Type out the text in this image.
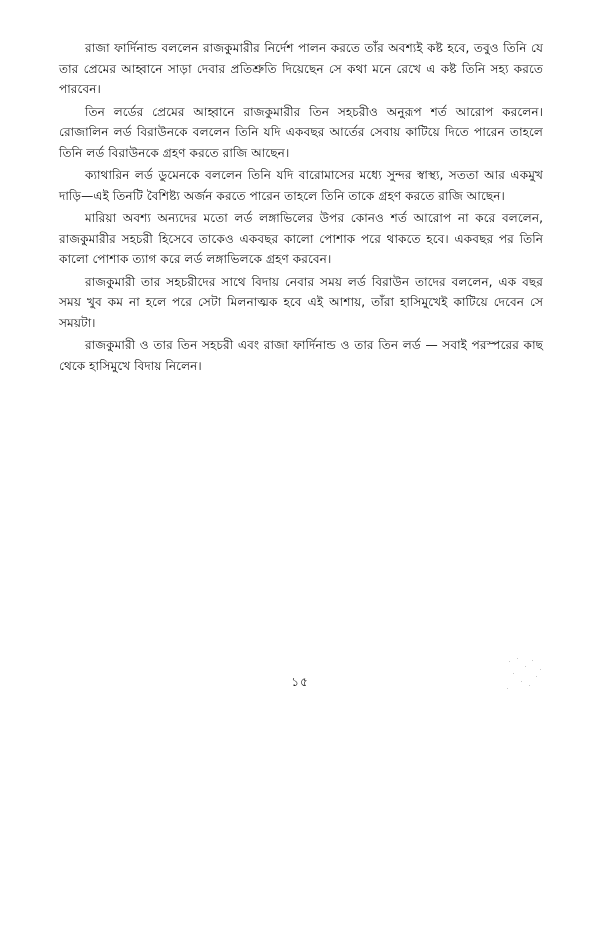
রাজা ফার্দিনান্ড বললেন রাজকুমারীর নির্দেশ পালন করতে তাঁর অবশ্যই কষ্ট হবে, তবুও তিনি যে তার প্রেমের আহ্বানে সাড়া দেবার প্রতিশ্রুতি দিয়েছেন সে কথা মনে রেখে এ কষ্ট তিনি সহ্য করতে পারবেন।

তিন লর্ডের প্রেমের আহ্বানে রাজকুমারীর তিন সহচরীও অনুরূপ শর্ত আরোপ করলেন। রোজালিন লর্ড বিরাউনকে বললেন তিনি যদি একবছর আর্তের সেবায় কাটিয়ে দিতে পারেন তাহলে তিনি লর্ড বিরাউনকে গ্রহণ করতে রাজি আছেন।

ক্যাথারিন লর্ড ডুমেনকে বললেন তিনি যদি বারোমাসের মধ্যে সুন্দর স্বাস্থ্য, সততা আর একমুখ দাড়ি—এই তিনটি বৈশিষ্ট্য অর্জন করতে পারেন তাহলে তিনি তাকে গ্রহণ করতে রাজি আছেন।

মারিয়া অবশ্য অন্যদের মতো লর্ড লঙ্গাভিলের উপর কোনও শর্ত আরোপ না করে বললেন, রাজকুমারীর সহচরী হিসেবে তাকেও একবছর কালো পোশাক পরে থাকতে হবে। একবছর পর তিনি কালো পোশাক ত্যাগ করে লর্ড লঙ্গাভিলকে গ্রহণ করবেন।

রাজকুমারী তার সহচরীদের সাথে বিদায় নেবার সময় লর্ড বিরাউন তাদের বললেন, এক বছর সময় খুব কম না হলে পরে সেটা মিলনাত্মক হবে এই আশায়, তাঁরা হাসিমুখেই কাটিয়ে দেবেন সে সময়টা।

রাজকুমারী ও তার তিন সহচরী এবং রাজা ফার্দিনান্ড ও তার তিন লর্ড — সবাই পরস্পরের কাছ থেকে হাসিমুখে বিদায় নিলেন।

১৫
